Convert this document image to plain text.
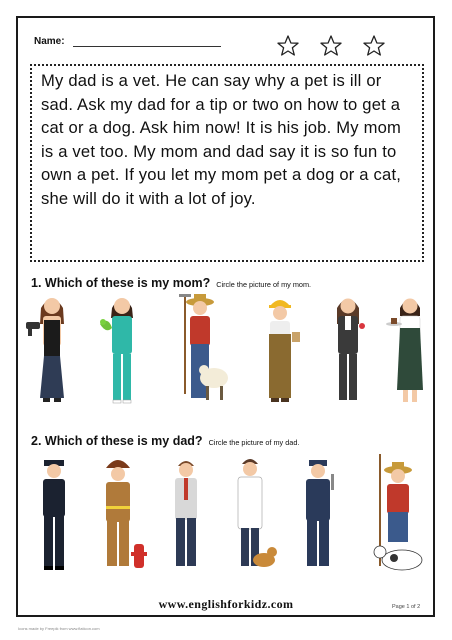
Name:

My dad is a vet. He can say why a pet is ill or sad. Ask my dad for a tip or two on how to get a cat or a dog. Ask him now! It is his job. My mom is a vet too. My mom and dad say it is so fun to own a pet. If you let my mom pet a dog or a cat, she will do it with a lot of joy.

1. Which of these is my mom? Circle the picture of my mom.
2. Which of these is my dad? Circle the picture of my dad.
www.englishforkidz.com	Page 1 of 2
Icons made by Freepik from www.flaticon.com
